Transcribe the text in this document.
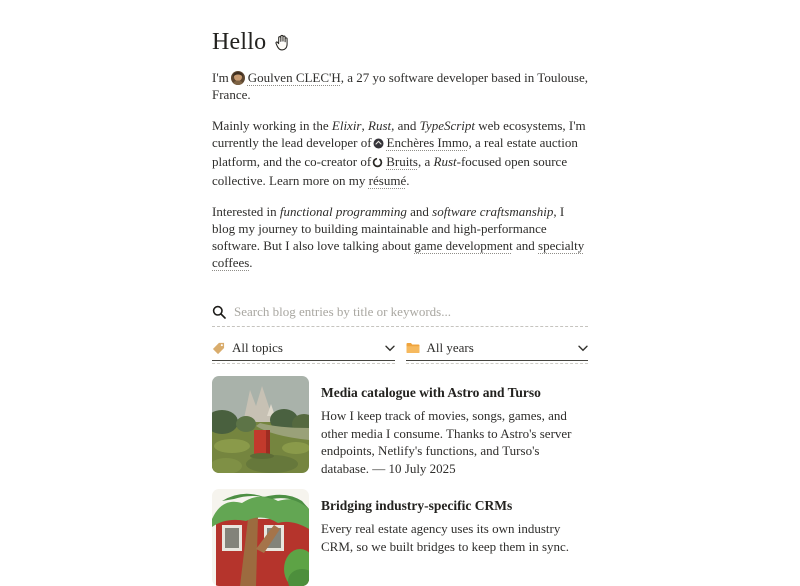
Hello

I'm Goulven CLEC'H, a 27 yo software developer based in Toulouse, France.

Mainly working in the Elixir, Rust, and TypeScript web ecosystems, I'm currently the lead developer of Enchères Immo, a real estate auction platform, and the co-creator of Bruits, a Rust-focused open source collective. Learn more on my résumé.

Interested in functional programming and software craftsmanship, I blog my journey to building maintainable and high-performance software. But I also love talking about game development and specialty coffees.

Search blog entries by title or keywords...
All topics	All years
Media catalogue with Astro and Turso

How I keep track of movies, songs, games, and other media I consume. Thanks to Astro's server endpoints, Netlify's functions, and Turso's database. — 10 July 2025

Bridging industry-specific CRMs

Every real estate agency uses its own industry CRM, so we built bridges to keep them in sync.
